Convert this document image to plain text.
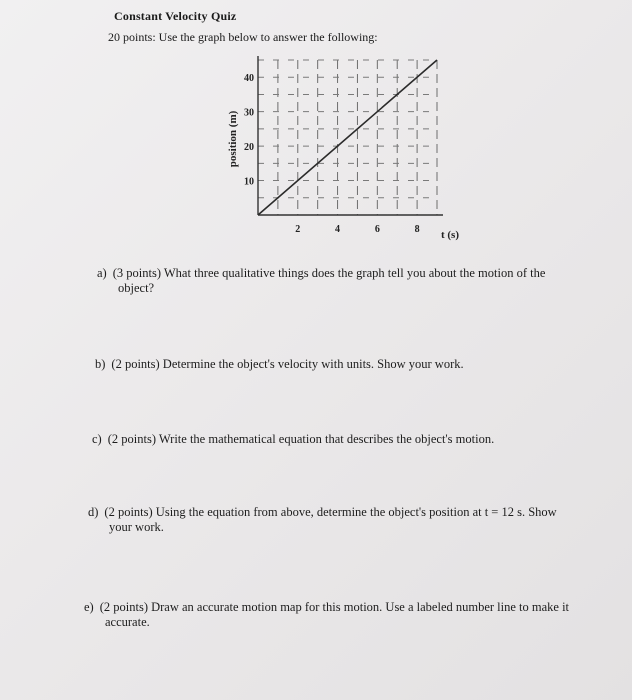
Constant Velocity Quiz
20 points: Use the graph below to answer the following:
2	4	6	8
10
20
30
40
position (m)
t (s)
a) (3 points) What three qualitative things does the graph tell you about the motion of the
object?
b) (2 points) Determine the object's velocity with units. Show your work.
c) (2 points) Write the mathematical equation that describes the object's motion.
d) (2 points) Using the equation from above, determine the object's position at t = 12 s. Show
your work.
e) (2 points) Draw an accurate motion map for this motion. Use a labeled number line to make it
accurate.
